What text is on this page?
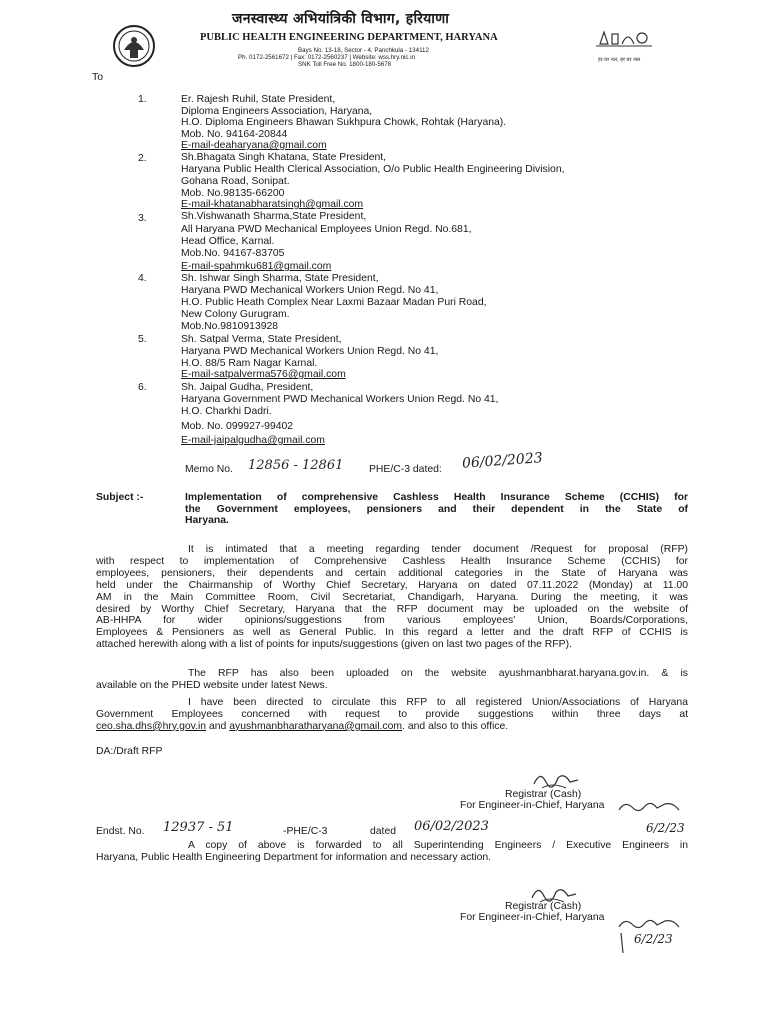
जनस्वास्थ्य अभियांत्रिकी विभाग, हरियाणा
PUBLIC HEALTH ENGINEERING DEPARTMENT, HARYANA
Bays No. 13-18, Sector - 4, Panchkula - 134112
Ph. 0172-2561672 | Fax: 0172-2560237 | Website: wss.hry.nic.in
SNK Toll Free No. 1800-180-5678
हर घर नल, हर घर जल
To
1.	Er. Rajesh Ruhil, State President,
Diploma Engineers Association, Haryana,
H.O. Diploma Engineers Bhawan Sukhpura Chowk, Rohtak (Haryana).
Mob. No. 94164-20844
E-mail-deaharyana@gmail.com
2.	Sh.Bhagata Singh Khatana, State President,
Haryana Public Health Clerical Association, O/o Public Health Engineering Division,
Gohana Road, Sonipat.
Mob. No.98135-66200
E-mail-khatanabharatsingh@gmail.com
3.	Sh.Vishwanath Sharma,State President,
All Haryana PWD Mechanical Employees Union Regd. No.681,
Head Office, Karnal.
Mob.No. 94167-83705
E-mail-spahmku681@gmail.com
4.	Sh. Ishwar Singh Sharma, State President,
Haryana PWD Mechanical Workers Union Regd. No 41,
H.O. Public Heath Complex Near Laxmi Bazaar Madan Puri Road,
New Colony Gurugram.
Mob.No.9810913928
5.	Sh. Satpal Verma, State President,
Haryana PWD Mechanical Workers Union Regd. No 41,
H.O. 88/5 Ram Nagar Karnal.
E-mail-satpalverma576@gmail.com
6.	Sh. Jaipal Gudha, President,
Haryana Government PWD Mechanical Workers Union Regd. No 41,
H.O. Charkhi Dadri.
Mob. No. 099927-99402
E-mail-jaipalgudha@gmail.com
Memo No. 12856 - 12861 PHE/C-3 dated: 06/02/2023
Subject :-	Implementation of comprehensive Cashless Health Insurance Scheme (CCHIS) for
the Government employees, pensioners and their dependent in the State of
Haryana.
It is intimated that a meeting regarding tender document /Request for proposal (RFP)
with respect to implementation of Comprehensive Cashless Health Insurance Scheme (CCHIS) for
employees, pensioners, their dependents and certain additional categories in the State of Haryana was
held under the Chairmanship of Worthy Chief Secretary, Haryana on dated 07.11.2022 (Monday) at 11.00
AM in the Main Committee Room, Civil Secretariat, Chandigarh, Haryana. During the meeting, it was
desired by Worthy Chief Secretary, Haryana that the RFP document may be uploaded on the website of
AB-HHPA for wider opinions/suggestions from various employees' Union, Boards/Corporations,
Employees & Pensioners as well as General Public. In this regard a letter and the draft RFP of CCHIS is
attached herewith along with a list of points for inputs/suggestions (given on last two pages of the RFP).
The RFP has also been uploaded on the website ayushmanbharat.haryana.gov.in. & is
available on the PHED website under latest News.
I have been directed to circulate this RFP to all registered Union/Associations of Haryana
Government Employees concerned with request to provide suggestions within three days at
ceo.sha.dhs@hry.gov.in and ayushmanbharatharyana@gmail.com. and also to this office.
DA:/Draft RFP
Registrar (Cash)
For Engineer-in-Chief, Haryana
6/2/23
Endst. No. 12937 - 51	-PHE/C-3	dated 06/02/2023
A copy of above is forwarded to all Superintending Engineers / Executive Engineers in
Haryana, Public Health Engineering Department for information and necessary action.
Registrar (Cash)
For Engineer-in-Chief, Haryana
6/2/23
